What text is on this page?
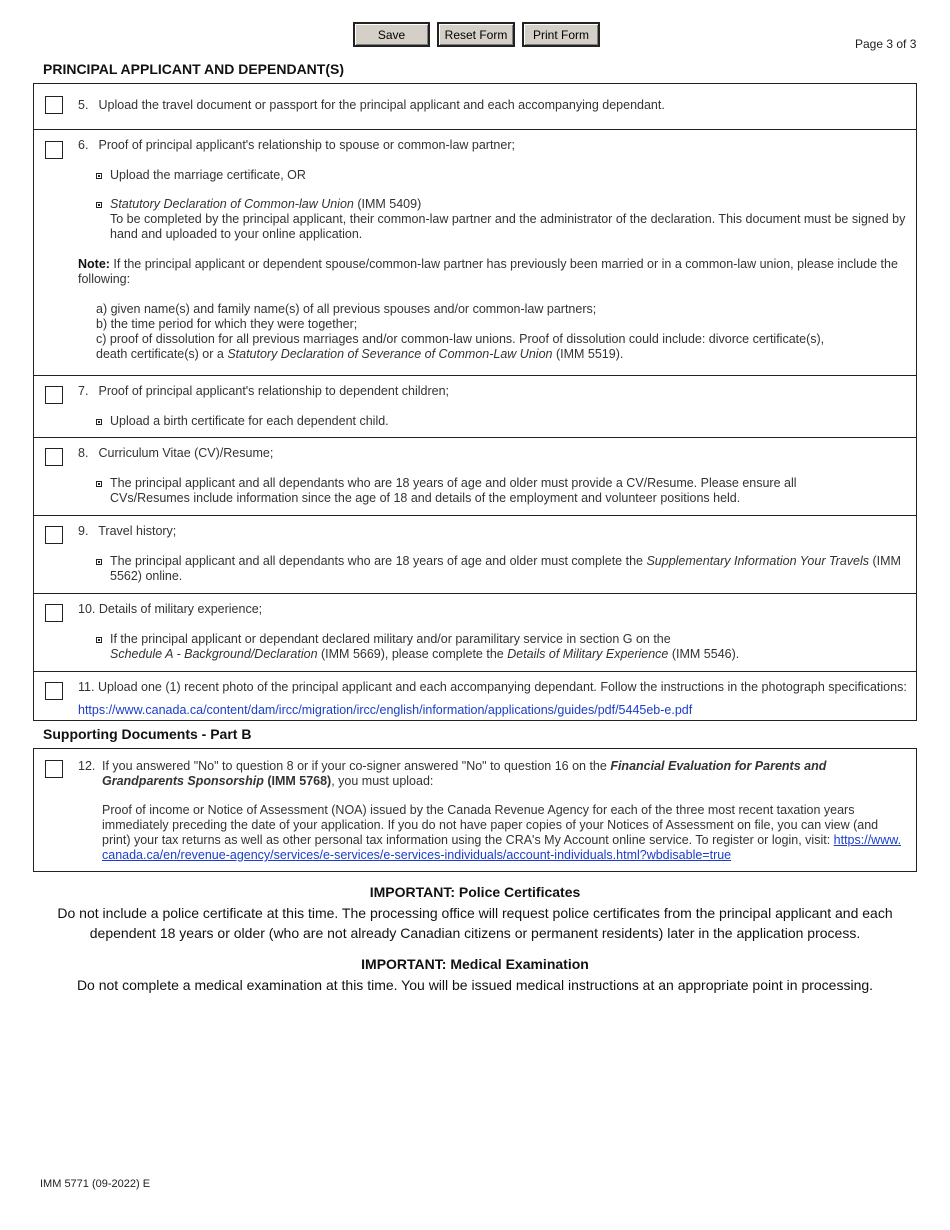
Save	Reset Form	Print Form
Page 3 of 3
PRINCIPAL APPLICANT AND DEPENDANT(S)
5. Upload the travel document or passport for the principal applicant and each accompanying dependant.
6. Proof of principal applicant's relationship to spouse or common-law partner;
Upload the marriage certificate, OR
Statutory Declaration of Common-law Union (IMM 5409)
To be completed by the principal applicant, their common-law partner and the administrator of the declaration. This document must be signed by hand and uploaded to your online application.
Note: If the principal applicant or dependent spouse/common-law partner has previously been married or in a common-law union, please include the following:
a) given name(s) and family name(s) of all previous spouses and/or common-law partners;
b) the time period for which they were together;
c) proof of dissolution for all previous marriages and/or common-law unions. Proof of dissolution could include: divorce certificate(s),
death certificate(s) or a Statutory Declaration of Severance of Common-Law Union (IMM 5519).
7. Proof of principal applicant's relationship to dependent children;
Upload a birth certificate for each dependent child.
8. Curriculum Vitae (CV)/Resume;
The principal applicant and all dependants who are 18 years of age and older must provide a CV/Resume. Please ensure all
CVs/Resumes include information since the age of 18 and details of the employment and volunteer positions held.
9. Travel history;
The principal applicant and all dependants who are 18 years of age and older must complete the Supplementary Information Your Travels (IMM 5562) online.
10. Details of military experience;
If the principal applicant or dependant declared military and/or paramilitary service in section G on the
Schedule A - Background/Declaration (IMM 5669), please complete the Details of Military Experience (IMM 5546).
11. Upload one (1) recent photo of the principal applicant and each accompanying dependant. Follow the instructions in the photograph specifications:
https://www.canada.ca/content/dam/ircc/migration/ircc/english/information/applications/guides/pdf/5445eb-e.pdf
Supporting Documents - Part B
12. If you answered "No" to question 8 or if your co-signer answered "No" to question 16 on the Financial Evaluation for Parents and
Grandparents Sponsorship (IMM 5768), you must upload:
Proof of income or Notice of Assessment (NOA) issued by the Canada Revenue Agency for each of the three most recent taxation years immediately preceding the date of your application. If you do not have paper copies of your Notices of Assessment on file, you can view (and print) your tax returns as well as other personal tax information using the CRA's My Account online service. To register or login, visit: https://www.canada.ca/en/revenue-agency/services/e-services/e-services-individuals/account-individuals.html?wbdisable=true
IMPORTANT: Police Certificates
Do not include a police certificate at this time. The processing office will request police certificates from the principal applicant and each dependent 18 years or older (who are not already Canadian citizens or permanent residents) later in the application process.
IMPORTANT: Medical Examination
Do not complete a medical examination at this time. You will be issued medical instructions at an appropriate point in processing.
IMM 5771 (09-2022) E
